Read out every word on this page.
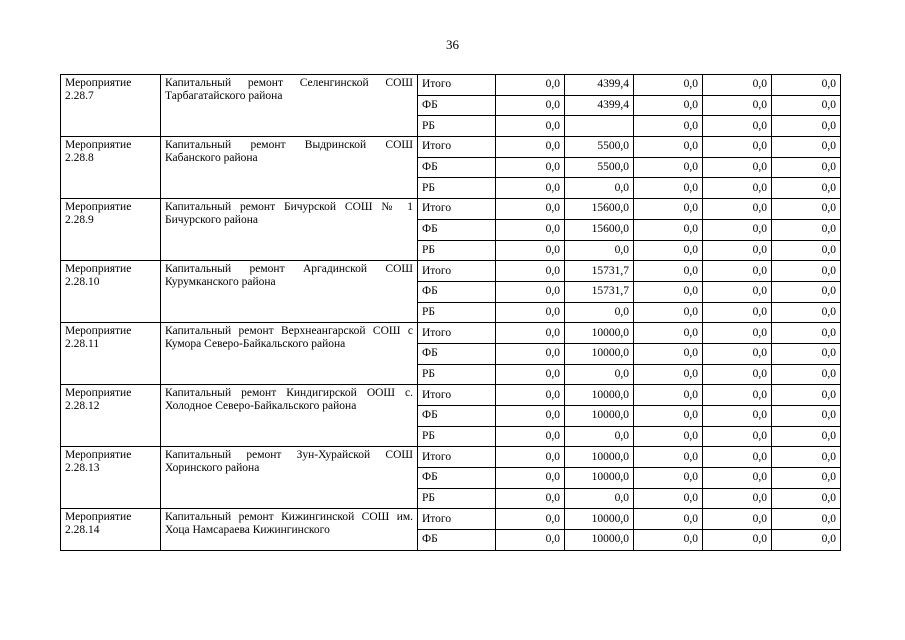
36
Мероприятие
2.28.7	Капитальный ремонт Селенгинской СОШ Тарбагатайского района	Итого	0,0	4399,4	0,0	0,0	0,0
		ФБ	0,0	4399,4	0,0	0,0	0,0
		РБ	0,0		0,0	0,0	0,0

Мероприятие
2.28.8	Капитальный ремонт Выдринской СОШ Кабанского района	Итого	0,0	5500,0	0,0	0,0	0,0
		ФБ	0,0	5500,0	0,0	0,0	0,0
		РБ	0,0	0,0	0,0	0,0	0,0

Мероприятие
2.28.9	Капитальный ремонт Бичурской СОШ № 1 Бичурского района	Итого	0,0	15600,0	0,0	0,0	0,0
		ФБ	0,0	15600,0	0,0	0,0	0,0
		РБ	0,0	0,0	0,0	0,0	0,0

Мероприятие
2.28.10	Капитальный ремонт Аргадинской СОШ Курумканского района	Итого	0,0	15731,7	0,0	0,0	0,0
		ФБ	0,0	15731,7	0,0	0,0	0,0
		РБ	0,0	0,0	0,0	0,0	0,0

Мероприятие
2.28.11	Капитальный ремонт Верхнеангарской СОШ с Кумора Северо-Байкальского района	Итого	0,0	10000,0	0,0	0,0	0,0
		ФБ	0,0	10000,0	0,0	0,0	0,0
		РБ	0,0	0,0	0,0	0,0	0,0

Мероприятие
2.28.12	Капитальный ремонт Киндигирской ООШ с. Холодное Северо-Байкальского района	Итого	0,0	10000,0	0,0	0,0	0,0
		ФБ	0,0	10000,0	0,0	0,0	0,0
		РБ	0,0	0,0	0,0	0,0	0,0

Мероприятие
2.28.13	Капитальный ремонт Зун-Хурайской СОШ Хоринского района	Итого	0,0	10000,0	0,0	0,0	0,0
		ФБ	0,0	10000,0	0,0	0,0	0,0
		РБ	0,0	0,0	0,0	0,0	0,0

Мероприятие
2.28.14	Капитальный ремонт Кижингинской СОШ им. Хоца Намсараева Кижингинского	Итого	0,0	10000,0	0,0	0,0	0,0
		ФБ	0,0	10000,0	0,0	0,0	0,0
